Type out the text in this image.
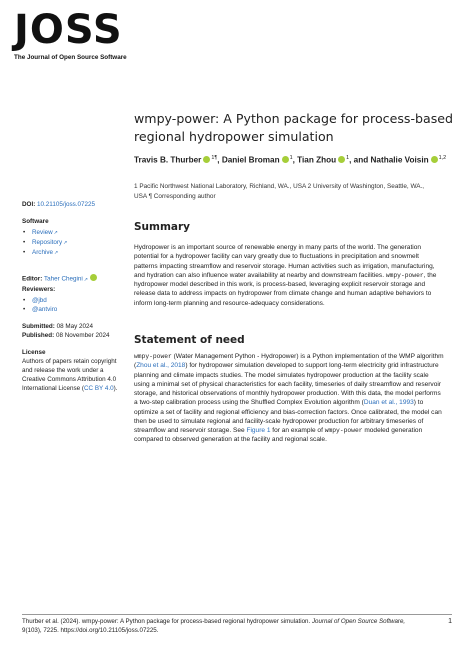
JOSS
The Journal of Open Source Software
wmpy-power: A Python package for process-based regional hydropower simulation
Travis B. Thurber $^{1\P}$, Daniel Broman $^1$, Tian Zhou $^1$, and Nathalie Voisin $^{1,2}$
1 Pacific Northwest National Laboratory, Richland, WA., USA 2 University of Washington, Seattle, WA.,
USA ¶ Corresponding author
DOI: 10.21105/joss.07225
Software
• Review↗
• Repository↗
• Archive↗
Editor: Taher Chegini↗
Reviewers:
• @jbd
• @antviro
Submitted: 08 May 2024
Published: 08 November 2024
License
Authors of papers retain copyright and release the work under a Creative Commons Attribution 4.0 International License (CC BY 4.0).
Summary
Hydropower is an important source of renewable energy in many parts of the world. The generation potential for a hydropower facility can vary greatly due to fluctuations in precipitation and snowmelt patterns impacting streamflow and reservoir storage. Human activities such as irrigation, manufacturing, and hydration can also influence water availability at nearby and downstream facilities. wmpy-power, the hydropower model described in this work, is process-based, leveraging explicit reservoir storage and release data to address impacts on hydropower from climate change and human adaptive behaviors to inform long-term planning and resource-adequacy considerations.
Statement of need
wmpy-power (Water Management Python - Hydropower) is a Python implementation of the WMP algorithm (Zhou et al., 2018) for hydropower simulation developed to support long-term electricity grid infrastructure planning and climate impacts studies. The model simulates hydropower production at the facility scale using a minimal set of physical characteristics for each facility, timeseries of daily streamflow and reservoir storage, and historical observations of monthly hydropower production. With this data, the model performs a two-step calibration process using the Shuffled Complex Evolution algorithm (Duan et al., 1993) to optimize a set of facility and regional efficiency and bias-correction factors. Once calibrated, the model can then be used to simulate regional and facility-scale hydropower production for arbitrary timeseries of streamflow and reservoir storage. See Figure 1 for an example of wmpy-power modeled generation compared to observed generation at the facility and regional scale.
Thurber et al. (2024). wmpy-power: A Python package for process-based regional hydropower simulation. Journal of Open Source Software,
9(103), 7225. https://doi.org/10.21105/joss.07225.
1
